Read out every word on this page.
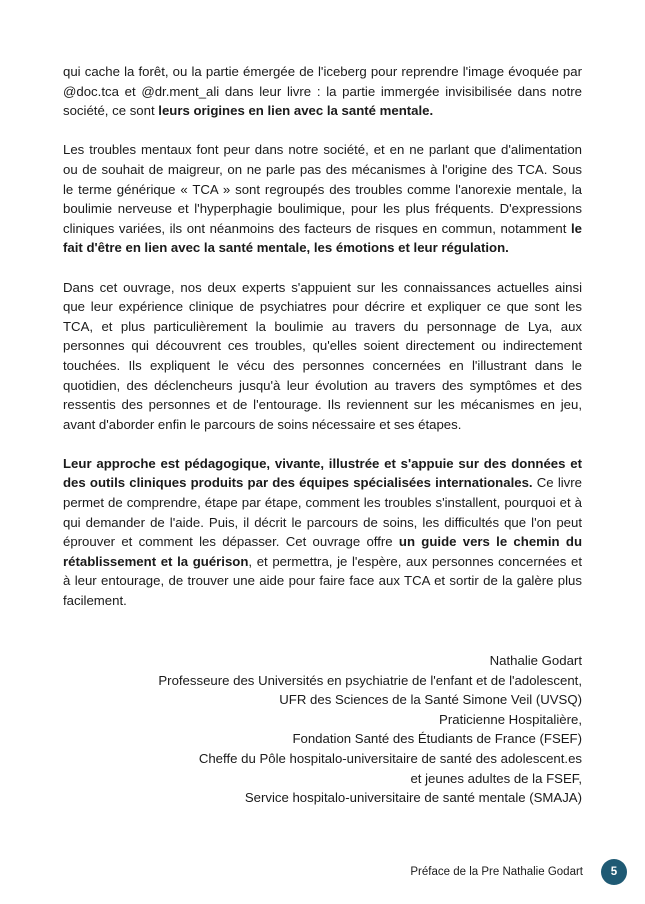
qui cache la forêt, ou la partie émergée de l'iceberg pour reprendre l'image évoquée par @doc.tca et @dr.ment_ali dans leur livre : la partie immergée invisibilisée dans notre société, ce sont leurs origines en lien avec la santé mentale.

Les troubles mentaux font peur dans notre société, et en ne parlant que d'alimentation ou de souhait de maigreur, on ne parle pas des mécanismes à l'origine des TCA. Sous le terme générique « TCA » sont regroupés des troubles comme l'anorexie mentale, la boulimie nerveuse et l'hyperphagie boulimique, pour les plus fréquents. D'expressions cliniques variées, ils ont néanmoins des facteurs de risques en commun, notamment le fait d'être en lien avec la santé mentale, les émotions et leur régulation.

Dans cet ouvrage, nos deux experts s'appuient sur les connaissances actuelles ainsi que leur expérience clinique de psychiatres pour décrire et expliquer ce que sont les TCA, et plus particulièrement la boulimie au travers du personnage de Lya, aux personnes qui découvrent ces troubles, qu'elles soient directement ou indirectement touchées. Ils expliquent le vécu des personnes concernées en l'illustrant dans le quotidien, des déclencheurs jusqu'à leur évolution au travers des symptômes et des ressentis des personnes et de l'entourage. Ils reviennent sur les mécanismes en jeu, avant d'aborder enfin le parcours de soins nécessaire et ses étapes.

Leur approche est pédagogique, vivante, illustrée et s'appuie sur des données et des outils cliniques produits par des équipes spécialisées internationales. Ce livre permet de comprendre, étape par étape, comment les troubles s'installent, pourquoi et à qui demander de l'aide. Puis, il décrit le parcours de soins, les difficultés que l'on peut éprouver et comment les dépasser. Cet ouvrage offre un guide vers le chemin du rétablissement et la guérison, et permettra, je l'espère, aux personnes concernées et à leur entourage, de trouver une aide pour faire face aux TCA et sortir de la galère plus facilement.

Nathalie Godart
Professeure des Universités en psychiatrie de l'enfant et de l'adolescent,
UFR des Sciences de la Santé Simone Veil (UVSQ)
Praticienne Hospitalière,
Fondation Santé des Étudiants de France (FSEF)
Cheffe du Pôle hospitalo-universitaire de santé des adolescent.es
et jeunes adultes de la FSEF,
Service hospitalo-universitaire de santé mentale (SMAJA)
Préface de la Pre Nathalie Godart	5
